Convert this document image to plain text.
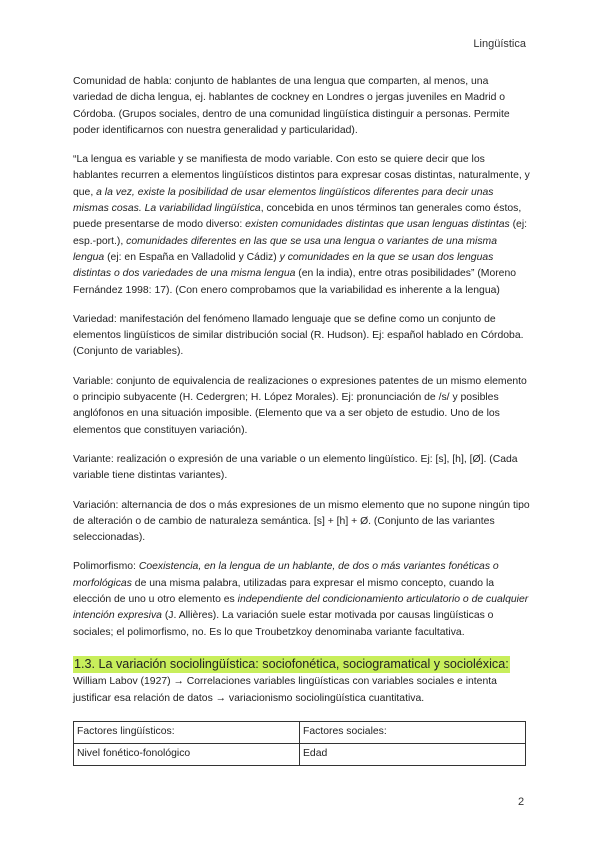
Lingüística

Comunidad de habla: conjunto de hablantes de una lengua que comparten, al menos, una variedad de dicha lengua, ej. hablantes de cockney en Londres o jergas juveniles en Madrid o Córdoba. (Grupos sociales, dentro de una comunidad lingüística distinguir a personas. Permite poder identificarnos con nuestra generalidad y particularidad).

“La lengua es variable y se manifiesta de modo variable. Con esto se quiere decir que los hablantes recurren a elementos lingüísticos distintos para expresar cosas distintas, naturalmente, y que, a la vez, existe la posibilidad de usar elementos lingüísticos diferentes para decir unas mismas cosas. La variabilidad lingüística, concebida en unos términos tan generales como éstos, puede presentarse de modo diverso: existen comunidades distintas que usan lenguas distintas (ej: esp.-port.), comunidades diferentes en las que se usa una lengua o variantes de una misma lengua (ej: en España en Valladolid y Cádiz) y comunidades en la que se usan dos lenguas distintas o dos variedades de una misma lengua (en la india), entre otras posibilidades” (Moreno Fernández 1998: 17). (Con enero comprobamos que la variabilidad es inherente a la lengua)

Variedad: manifestación del fenómeno llamado lenguaje que se define como un conjunto de elementos lingüísticos de similar distribución social (R. Hudson). Ej: español hablado en Córdoba. (Conjunto de variables).

Variable: conjunto de equivalencia de realizaciones o expresiones patentes de un mismo elemento o principio subyacente (H. Cedergren; H. López Morales). Ej: pronunciación de /s/ y posibles anglófonos en una situación imposible. (Elemento que va a ser objeto de estudio. Uno de los elementos que constituyen variación).

Variante: realización o expresión de una variable o un elemento lingüístico. Ej: [s], [h], [Ø]. (Cada variable tiene distintas variantes).

Variación: alternancia de dos o más expresiones de un mismo elemento que no supone ningún tipo de alteración o de cambio de naturaleza semántica. [s] + [h] + Ø. (Conjunto de las variantes seleccionadas).

Polimorfismo: Coexistencia, en la lengua de un hablante, de dos o más variantes fonéticas o morfológicas de una misma palabra, utilizadas para expresar el mismo concepto, cuando la elección de uno u otro elemento es independiente del condicionamiento articulatorio o de cualquier intención expresiva (J. Allières). La variación suele estar motivada por causas lingüísticas o sociales; el polimorfismo, no. Es lo que Troubetzkoy denominaba variante facultativa.

1.3. La variación sociolingüística: sociofonética, sociogramatical y socioléxica:

William Labov (1927) → Correlaciones variables lingüísticas con variables sociales e intenta justificar esa relación de datos → variacionismo sociolingüística cuantitativa.

Factores lingüísticos:	Factores sociales:
Nivel fonético-fonológico	Edad
2
